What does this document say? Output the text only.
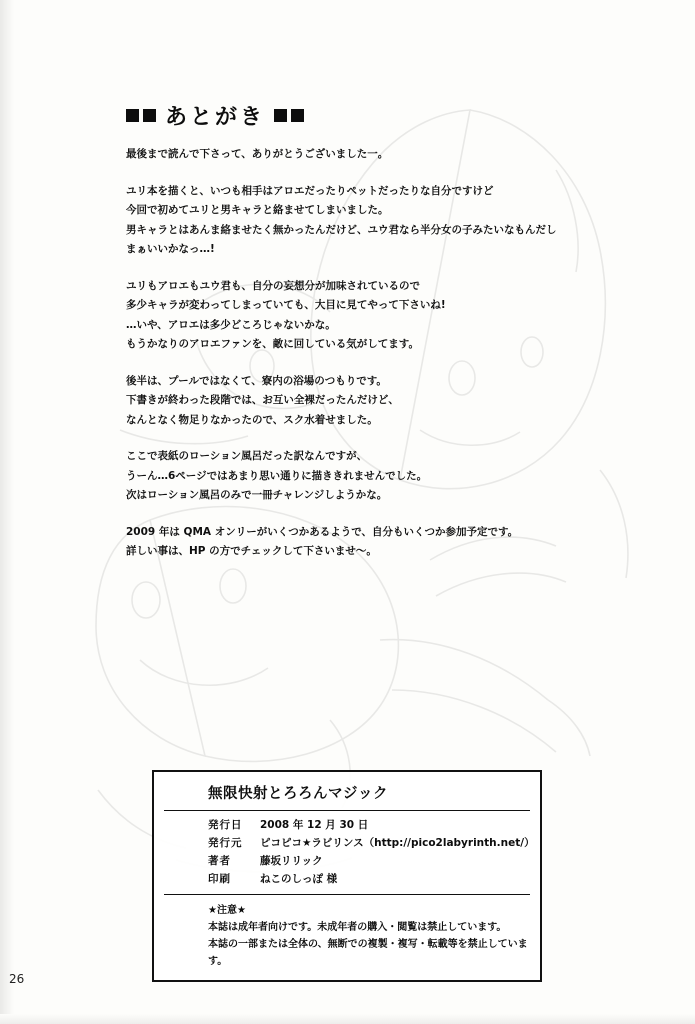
あとがき

最後まで読んで下さって、ありがとうございました一。

ユリ本を描くと、いつも相手はアロエだったりペットだったりな自分ですけど
今回で初めてユリと男キャラと絡ませてしまいました。
男キャラとはあんま絡ませたく無かったんだけど、ユウ君なら半分女の子みたいなもんだし
まぁいいかなっ…!

ユリもアロエもユウ君も、自分の妄想分が加味されているので
多少キャラが変わってしまっていても、大目に見てやって下さいね!
…いや、アロエは多少どころじゃないかな。
もうかなりのアロエファンを、敵に回している気がしてます。

後半は、プールではなくて、寮内の浴場のつもりです。
下書きが終わった段階では、お互い全裸だったんだけど、
なんとなく物足りなかったので、スク水着せました。

ここで表紙のローション風呂だった訳なんですが、
うーん…6ページではあまり思い通りに描ききれませんでした。
次はローション風呂のみで一冊チャレンジしようかな。

2009 年は QMA オンリーがいくつかあるようで、自分もいくつか参加予定です。
詳しい事は、HP の方でチェックして下さいませ〜。

無限快射とろろんマジック
発行日	2008 年 12 月 30 日
発行元	ピコピコ★ラビリンス（http://pico2labyrinth.net/）
著者	藤坂リリック
印刷	ねこのしっぽ 様
★注意★
本誌は成年者向けです。未成年者の購入・閲覧は禁止しています。
本誌の一部または全体の、無断での複製・複写・転載等を禁止しています。
26
